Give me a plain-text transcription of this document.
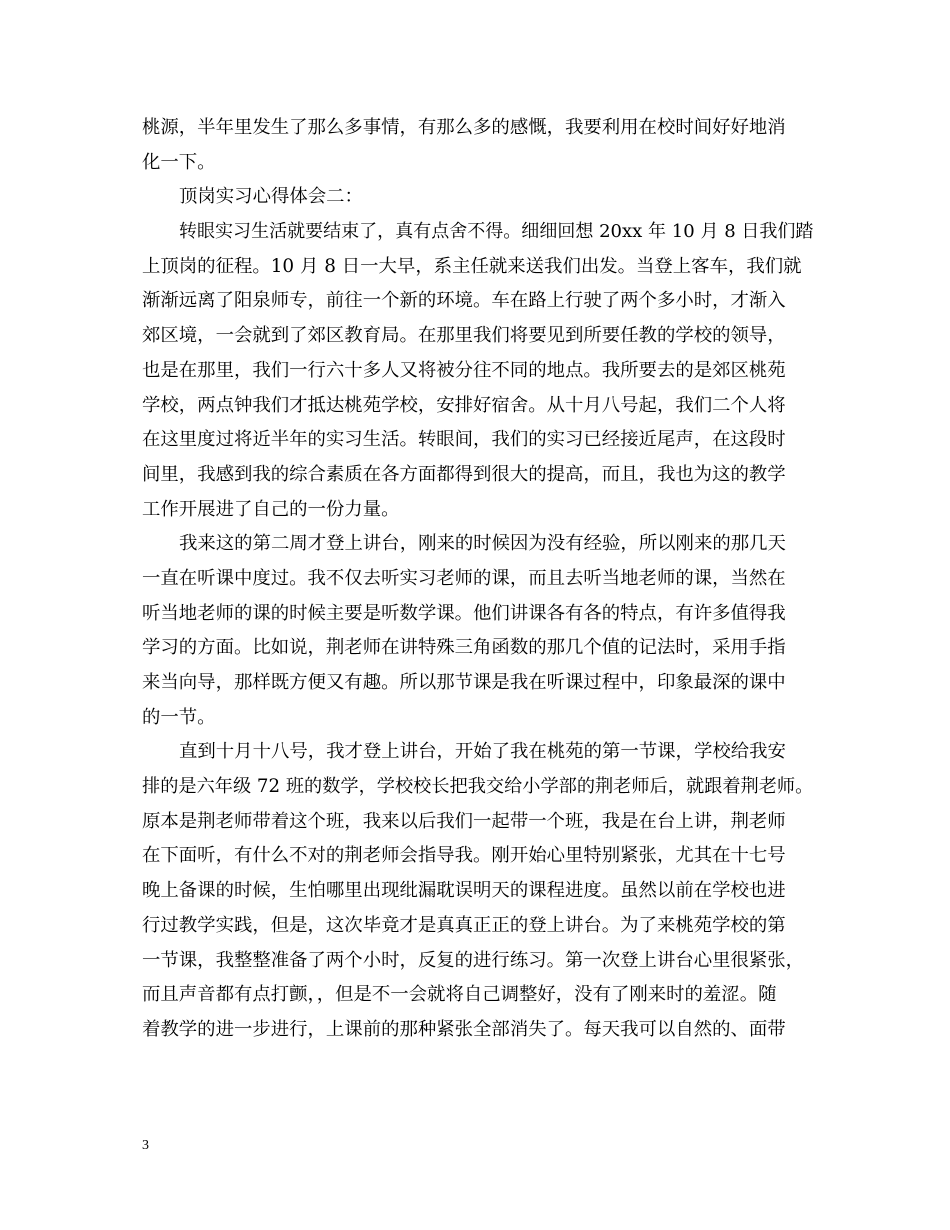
桃源，半年里发生了那么多事情，有那么多的感慨，我要利用在校时间好好地消
化一下。
顶岗实习心得体会二：
转眼实习生活就要结束了，真有点舍不得。细细回想 20xx 年 10 月 8 日我们踏
上顶岗的征程。10 月 8 日一大早，系主任就来送我们出发。当登上客车，我们就
渐渐远离了阳泉师专，前往一个新的环境。车在路上行驶了两个多小时，才渐入
郊区境，一会就到了郊区教育局。在那里我们将要见到所要任教的学校的领导，
也是在那里，我们一行六十多人又将被分往不同的地点。我所要去的是郊区桃苑
学校，两点钟我们才抵达桃苑学校，安排好宿舍。从十月八号起，我们二个人将
在这里度过将近半年的实习生活。转眼间，我们的实习已经接近尾声，在这段时
间里，我感到我的综合素质在各方面都得到很大的提高，而且，我也为这的教学
工作开展进了自己的一份力量。
我来这的第二周才登上讲台，刚来的时候因为没有经验，所以刚来的那几天
一直在听课中度过。我不仅去听实习老师的课，而且去听当地老师的课，当然在
听当地老师的课的时候主要是听数学课。他们讲课各有各的特点，有许多值得我
学习的方面。比如说，荆老师在讲特殊三角函数的那几个值的记法时，采用手指
来当向导，那样既方便又有趣。所以那节课是我在听课过程中，印象最深的课中
的一节。
直到十月十八号，我才登上讲台，开始了我在桃苑的第一节课，学校给我安
排的是六年级 72 班的数学，学校校长把我交给小学部的荆老师后，就跟着荆老师。
原本是荆老师带着这个班，我来以后我们一起带一个班，我是在台上讲，荆老师
在下面听，有什么不对的荆老师会指导我。刚开始心里特别紧张，尤其在十七号
晚上备课的时候，生怕哪里出现纰漏耽误明天的课程进度。虽然以前在学校也进
行过教学实践，但是，这次毕竟才是真真正正的登上讲台。为了来桃苑学校的第
一节课，我整整准备了两个小时，反复的进行练习。第一次登上讲台心里很紧张，
而且声音都有点打颤，，但是不一会就将自己调整好，没有了刚来时的羞涩。随
着教学的进一步进行，上课前的那种紧张全部消失了。每天我可以自然的、面带
3
